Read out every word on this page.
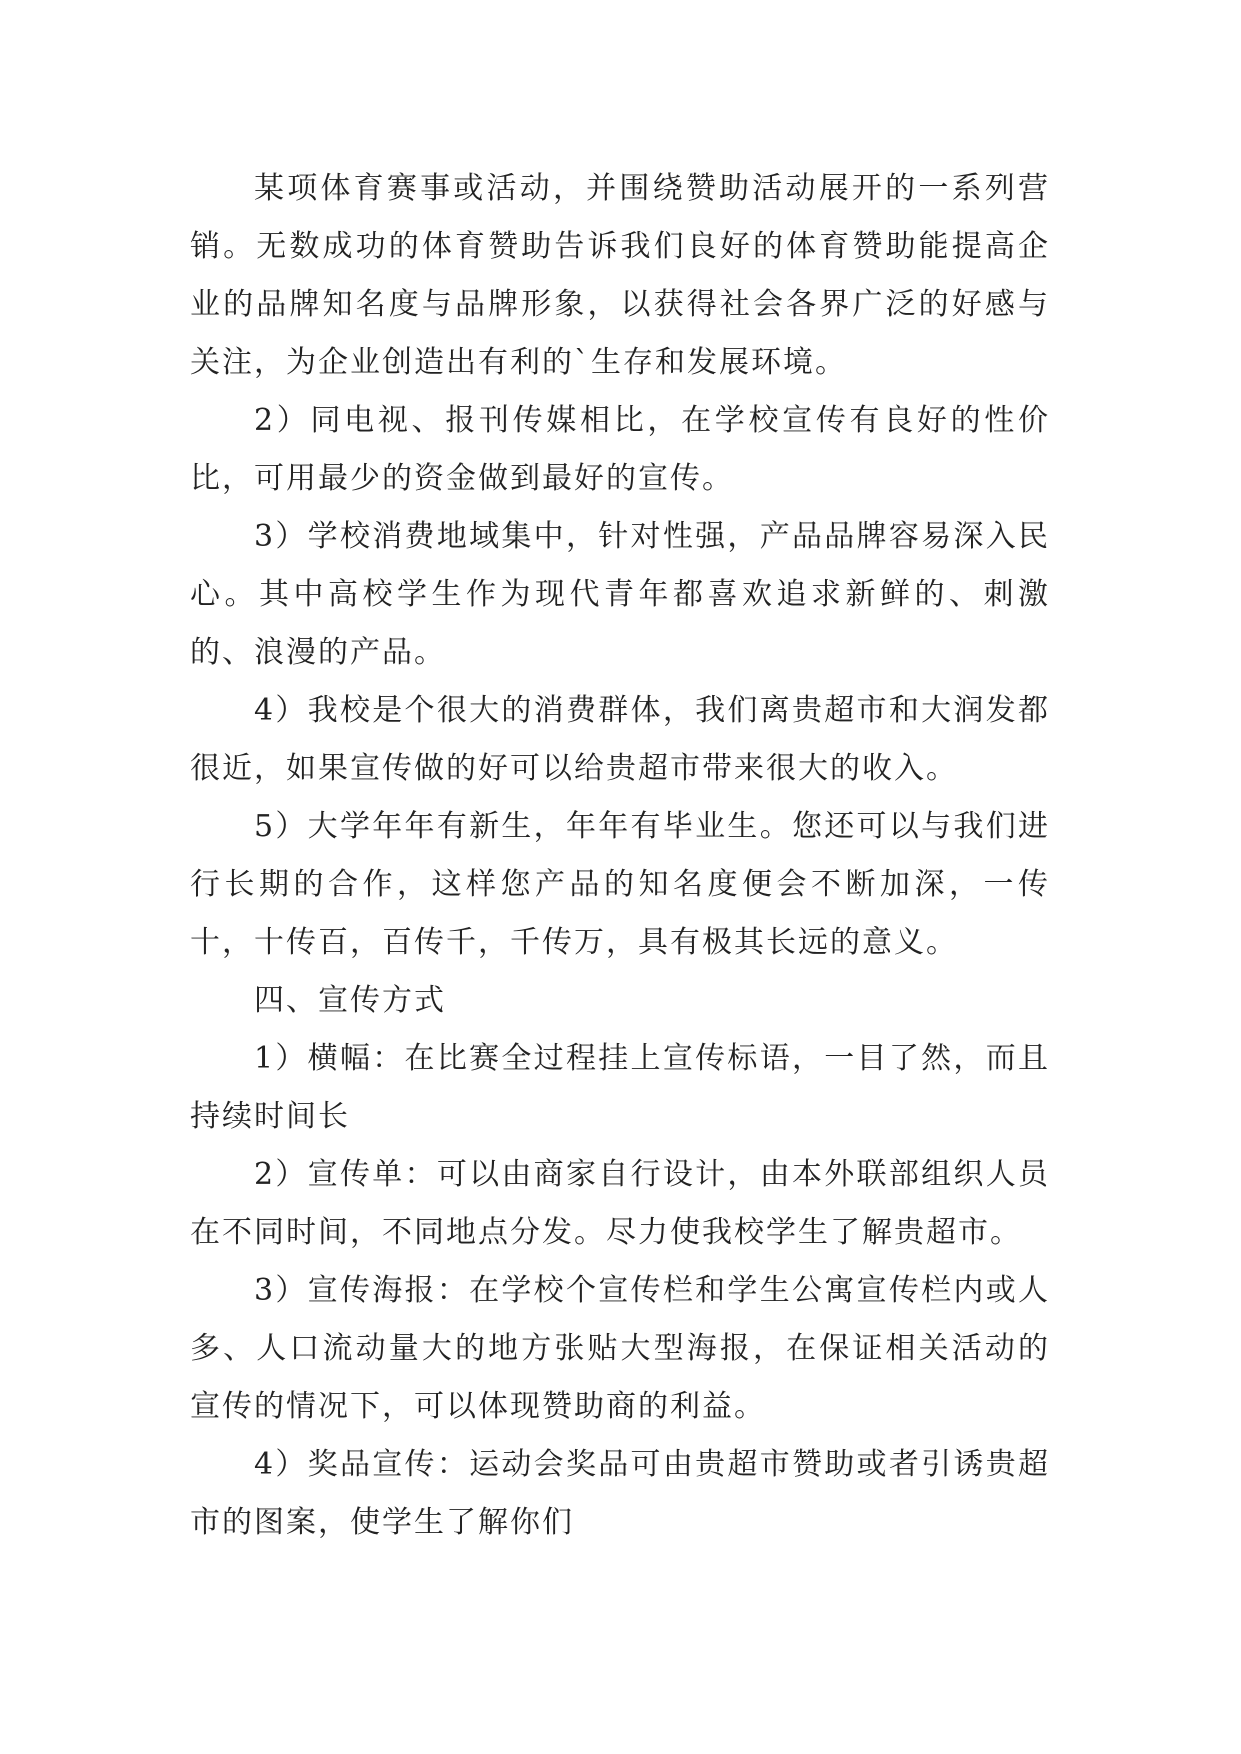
某项体育赛事或活动，并围绕赞助活动展开的一系列营销。无数成功的体育赞助告诉我们良好的体育赞助能提高企业的品牌知名度与品牌形象，以获得社会各界广泛的好感与关注，为企业创造出有利的`生存和发展环境。

2）同电视、报刊传媒相比，在学校宣传有良好的性价比，可用最少的资金做到最好的宣传。

3）学校消费地域集中，针对性强，产品品牌容易深入民心。其中高校学生作为现代青年都喜欢追求新鲜的、刺激的、浪漫的产品。

4）我校是个很大的消费群体，我们离贵超市和大润发都很近，如果宣传做的好可以给贵超市带来很大的收入。

5）大学年年有新生，年年有毕业生。您还可以与我们进行长期的合作，这样您产品的知名度便会不断加深，一传十，十传百，百传千，千传万，具有极其长远的意义。

四、宣传方式

1）横幅：在比赛全过程挂上宣传标语，一目了然，而且持续时间长

2）宣传单：可以由商家自行设计，由本外联部组织人员在不同时间，不同地点分发。尽力使我校学生了解贵超市。

3）宣传海报：在学校个宣传栏和学生公寓宣传栏内或人多、人口流动量大的地方张贴大型海报，在保证相关活动的宣传的情况下，可以体现赞助商的利益。

4）奖品宣传：运动会奖品可由贵超市赞助或者引诱贵超市的图案，使学生了解你们
